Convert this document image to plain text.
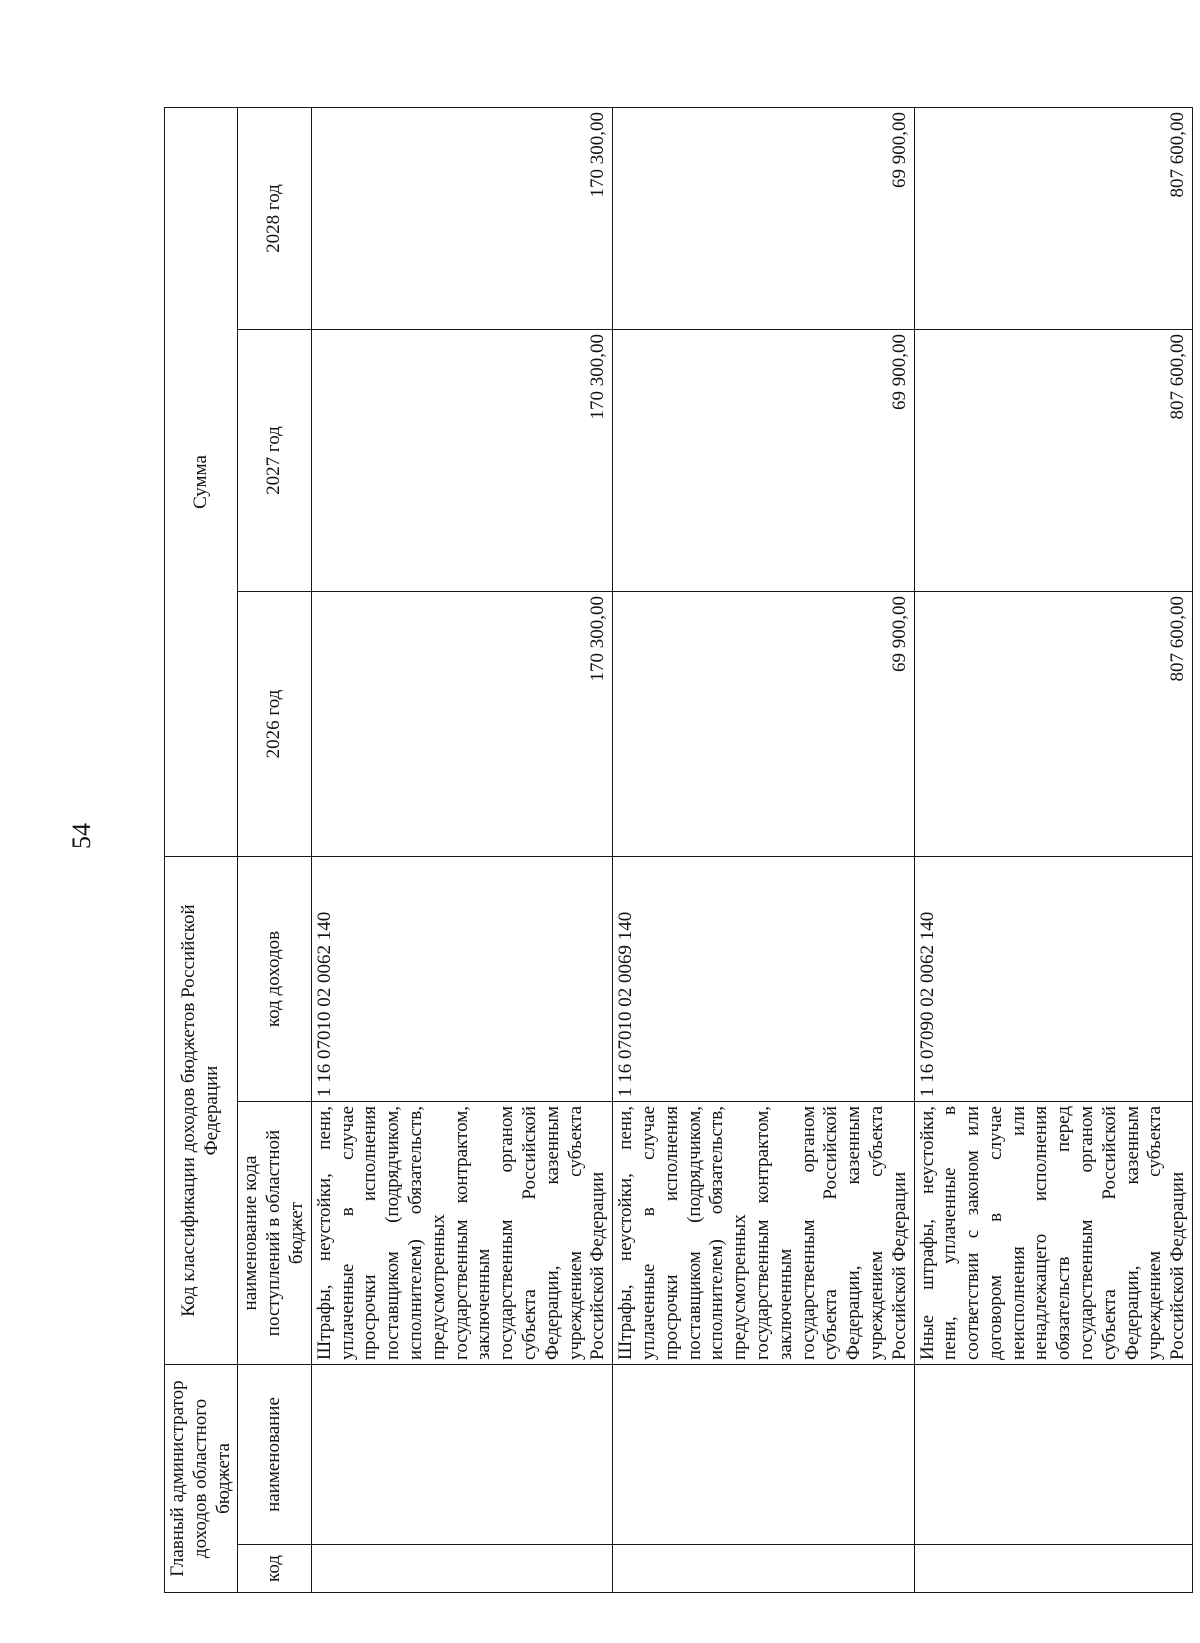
54
Главный администратор доходов областного бюджета		Код классификации доходов бюджетов Российской Федерации		Сумма		
код	наименование	наименование кода поступлений в областной бюджет	код доходов	2026 год	2027 год	2028 год
		Штрафы, неустойки, пени, уплаченные в случае просрочки исполнения поставщиком (подрядчиком, исполнителем) обязательств, предусмотренных государственным контрактом, заключенным государственным органом субъекта Российской Федерации, казенным учреждением субъекта Российской Федерации	1 16 07010 02 0062 140	170 300,00	170 300,00	170 300,00
		Штрафы, неустойки, пени, уплаченные в случае просрочки исполнения поставщиком (подрядчиком, исполнителем) обязательств, предусмотренных государственным контрактом, заключенным государственным органом субъекта Российской Федерации, казенным учреждением субъекта Российской Федерации	1 16 07010 02 0069 140	69 900,00	69 900,00	69 900,00
		Иные штрафы, неустойки, пени, уплаченные в соответствии с законом или договором в случае неисполнения или ненадлежащего исполнения обязательств перед государственным органом субъекта Российской Федерации, казенным учреждением субъекта Российской Федерации	1 16 07090 02 0062 140	807 600,00	807 600,00	807 600,00
